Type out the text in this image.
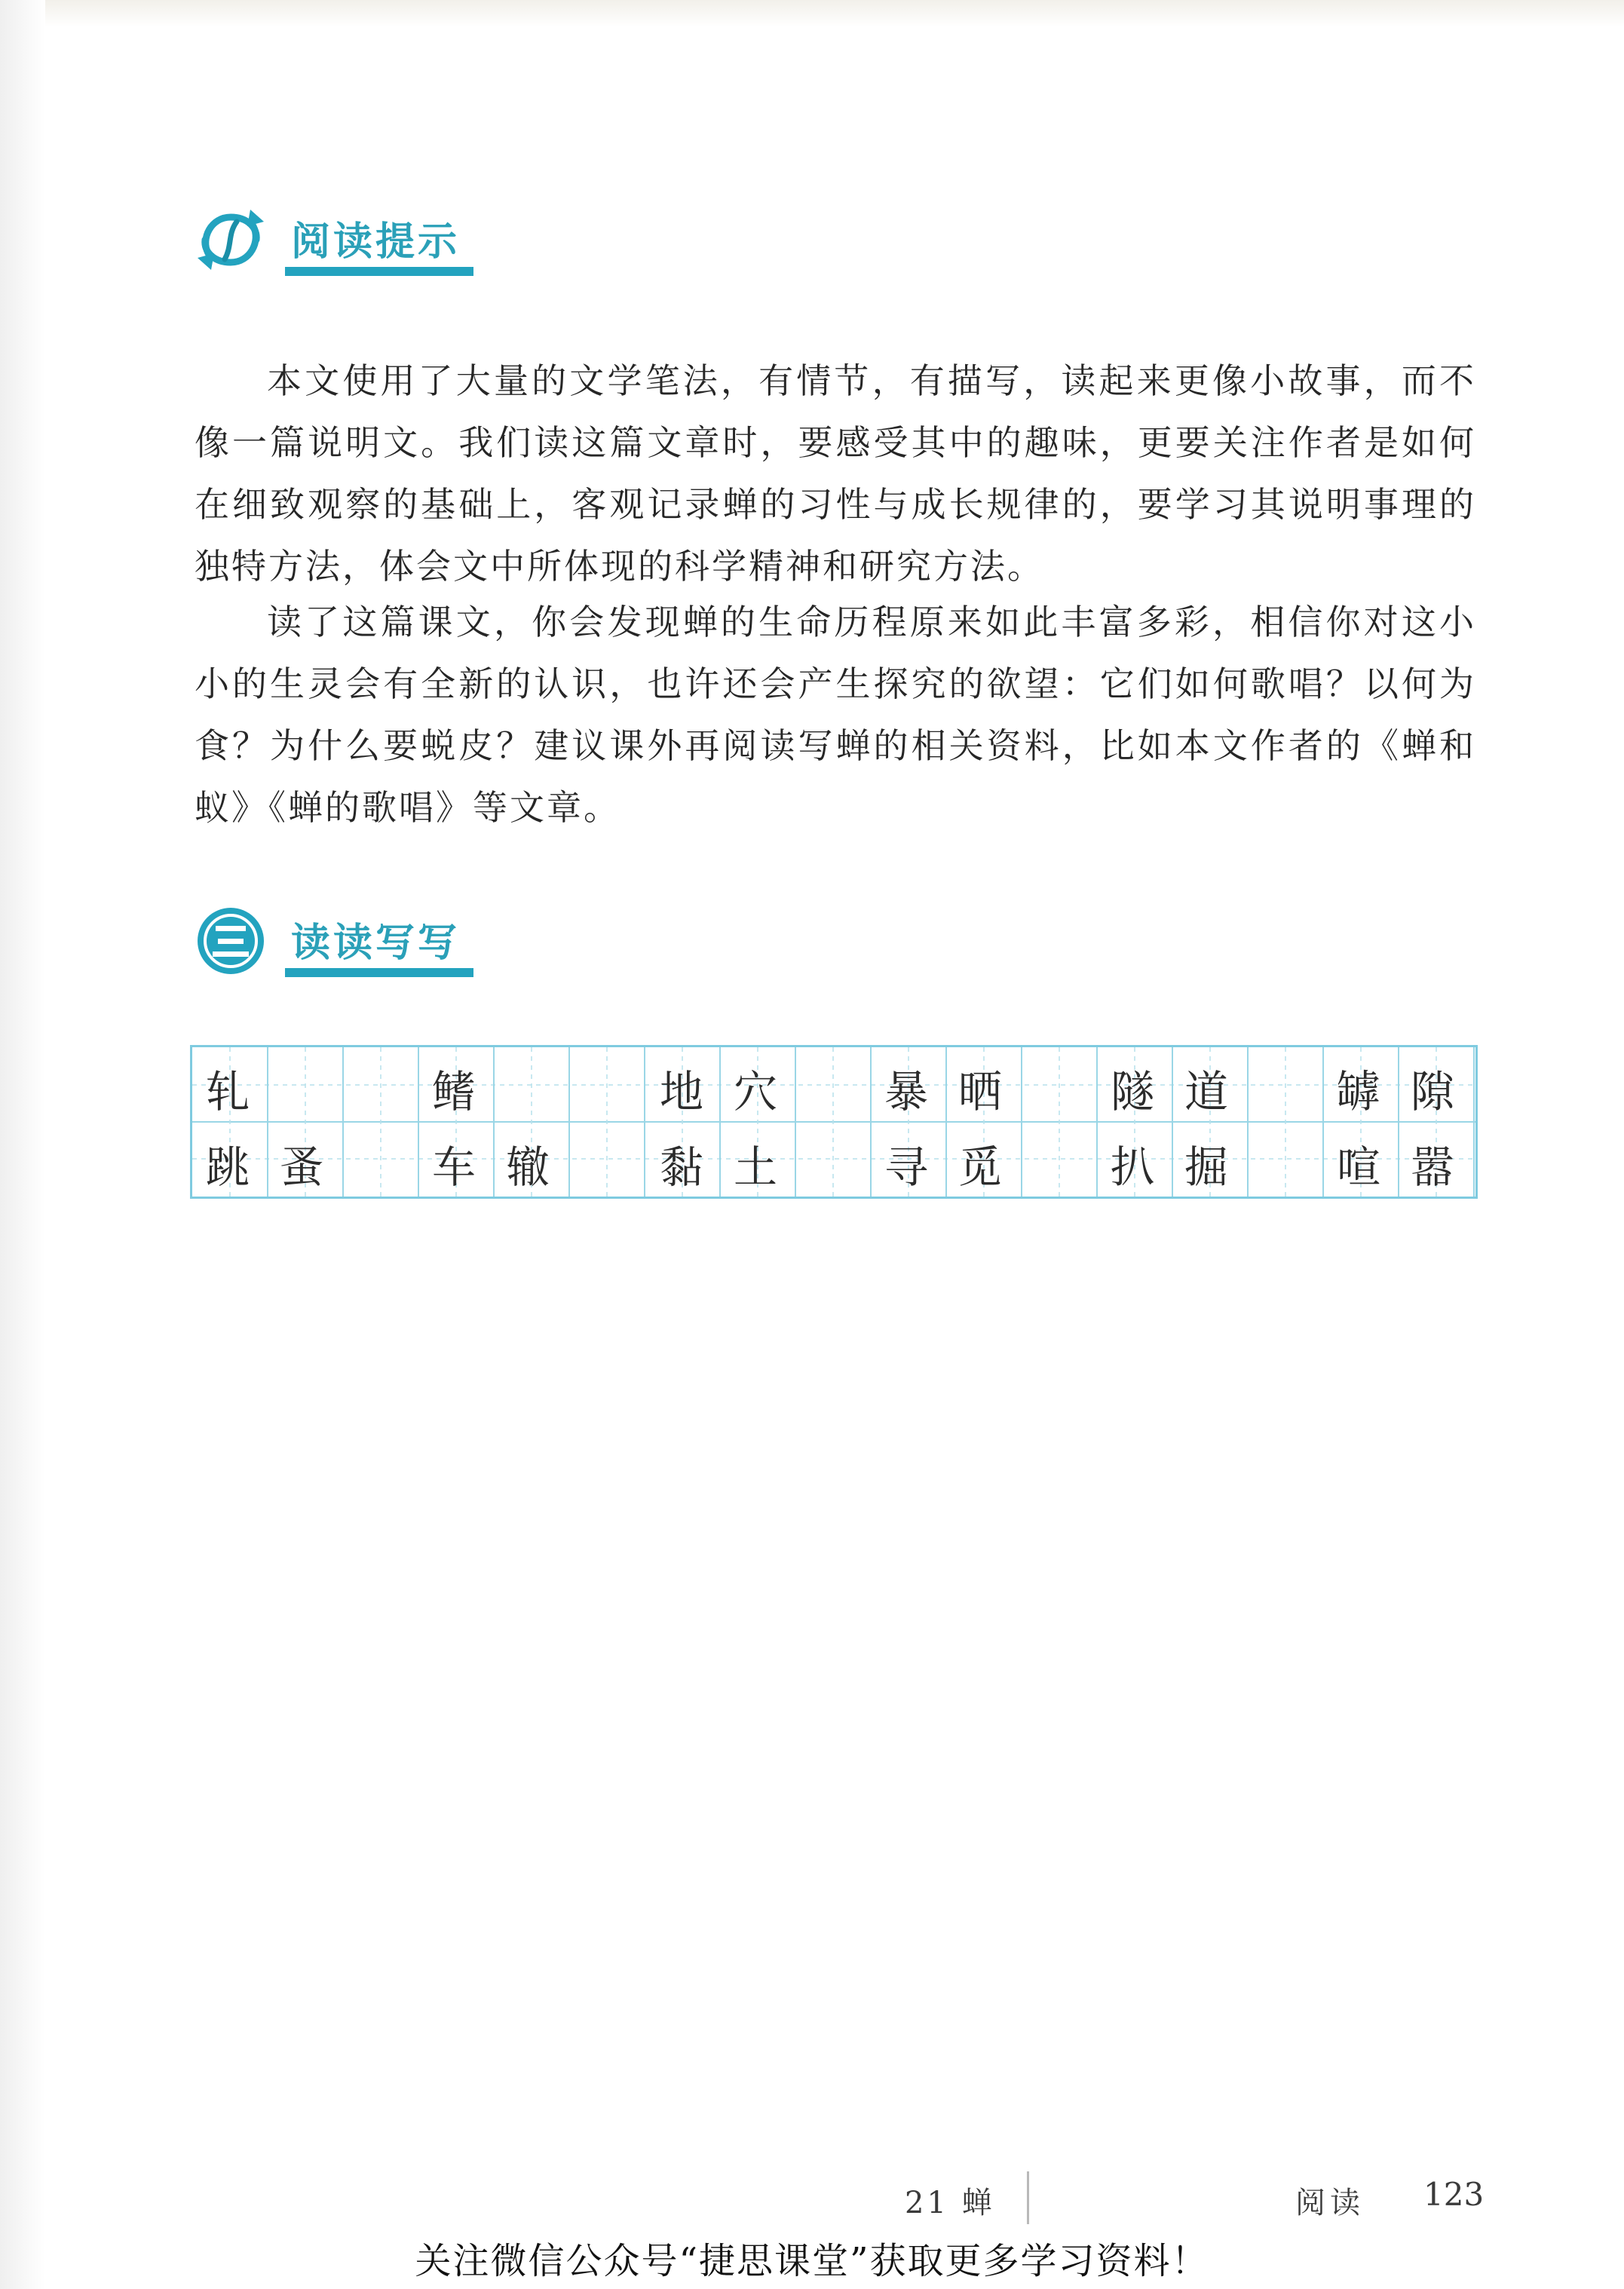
阅读提示

本文使用了大量的文学笔法，有情节，有描写，读起来更像小故事，而不像一篇说明文。我们读这篇文章时，要感受其中的趣味，更要关注作者是如何在细致观察的基础上，客观记录蝉的习性与成长规律的，要学习其说明事理的独特方法，体会文中所体现的科学精神和研究方法。

读了这篇课文，你会发现蝉的生命历程原来如此丰富多彩，相信你对这小小的生灵会有全新的认识，也许还会产生探究的欲望：它们如何歌唱？以何为食？为什么要蜕皮？建议课外再阅读写蝉的相关资料，比如本文作者的《蝉和蚁》《蝉的歌唱》等文章。

读读写写
轧	鳍	地穴 暴晒 隧道 罅隙
跳蚤 车辙 黏土 寻觅 扒掘 喧嚣
21 蝉	阅读 123
关注微信公众号“捷思课堂”获取更多学习资料！
